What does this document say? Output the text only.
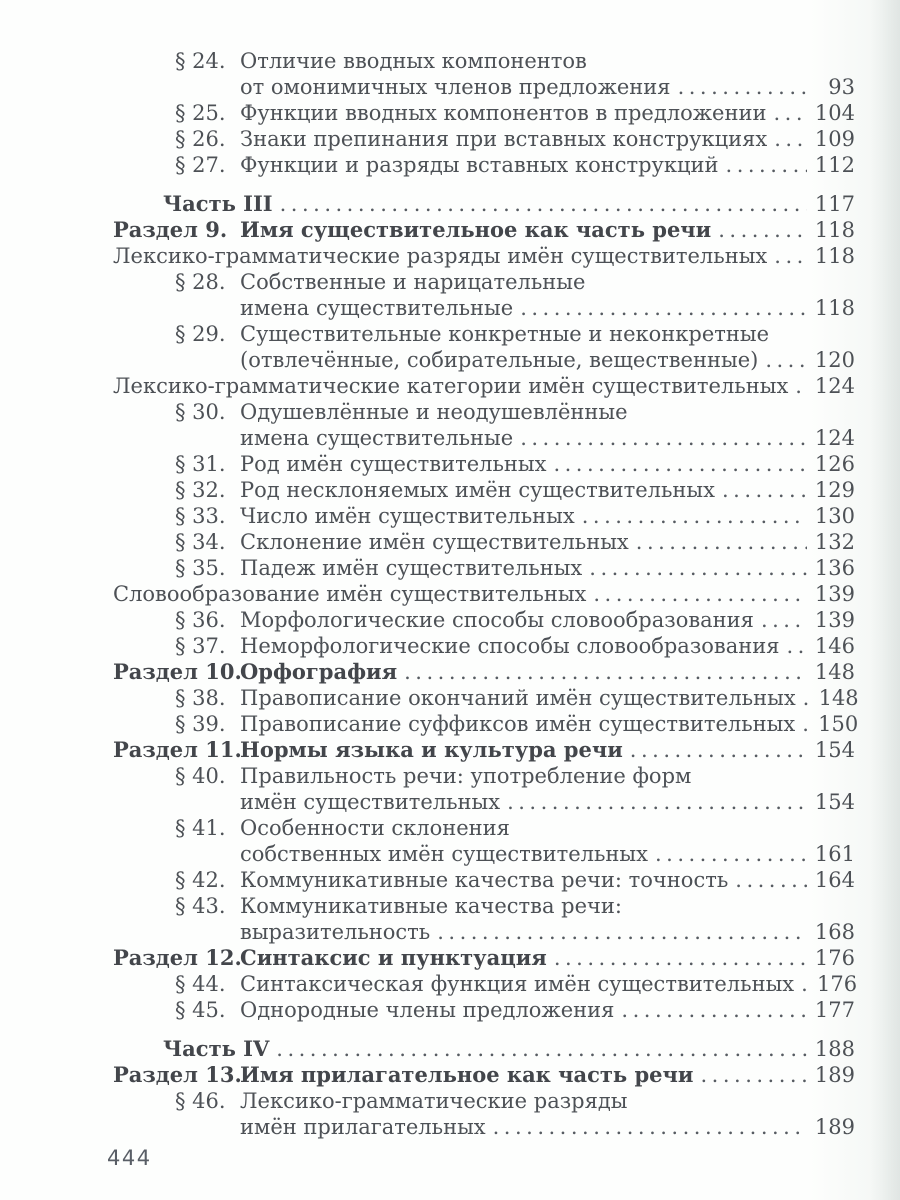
§ 24. Отличие вводных компонентов
от омонимичных членов предложения .....	93
§ 25. Функции вводных компонентов в предложении ..... 104
§ 26. Знаки препинания при вставных конструкциях ..... 109
§ 27. Функции и разряды вставных конструкций .....	112
Часть III .....	117
Раздел 9. Имя существительное как часть речи .....	118
Лексико-грамматические разряды имён существительных ..... 118
§ 28. Собственные и нарицательные
имена существительные .....	118
§ 29. Существительные конкретные и неконкретные
(отвлечённые, собирательные, вещественные) .....	120
Лексико-грамматические категории имён существительных ..... 124
§ 30. Одушевлённые и неодушевлённые
имена существительные .....	124
§ 31. Род имён существительных .....	126
§ 32. Род несклоняемых имён существительных .....	129
§ 33. Число имён существительных .....	130
§ 34. Склонение имён существительных .....	132
§ 35. Падеж имён существительных .....	136
Словообразование имён существительных .....	139
§ 36. Морфологические способы словообразования .....	139
§ 37. Неморфологические способы словообразования ..... 146
Раздел 10.
Орфография .....	148
§ 38. Правописание окончаний имён существительных ..... 148
§ 39. Правописание суффиксов имён существительных ..... 150
Раздел 11.
Нормы языка и культура речи .....	154
§ 40. Правильность речи: употребление форм
имён существительных .....	154
§ 41. Особенности склонения
собственных имён существительных .....	161
§ 42. Коммуникативные качества речи: точность .....	164
§ 43. Коммуникативные качества речи:
выразительность .....	168
Раздел 12.
Синтаксис и пунктуация .....	176
§ 44. Синтаксическая функция имён существительных ..... 176
§ 45. Однородные члены предложения .....	177
Часть IV .....	188
Раздел 13.
Имя прилагательное как часть речи .....	189
§ 46. Лексико-грамматические разряды
имён прилагательных .....	189
444
